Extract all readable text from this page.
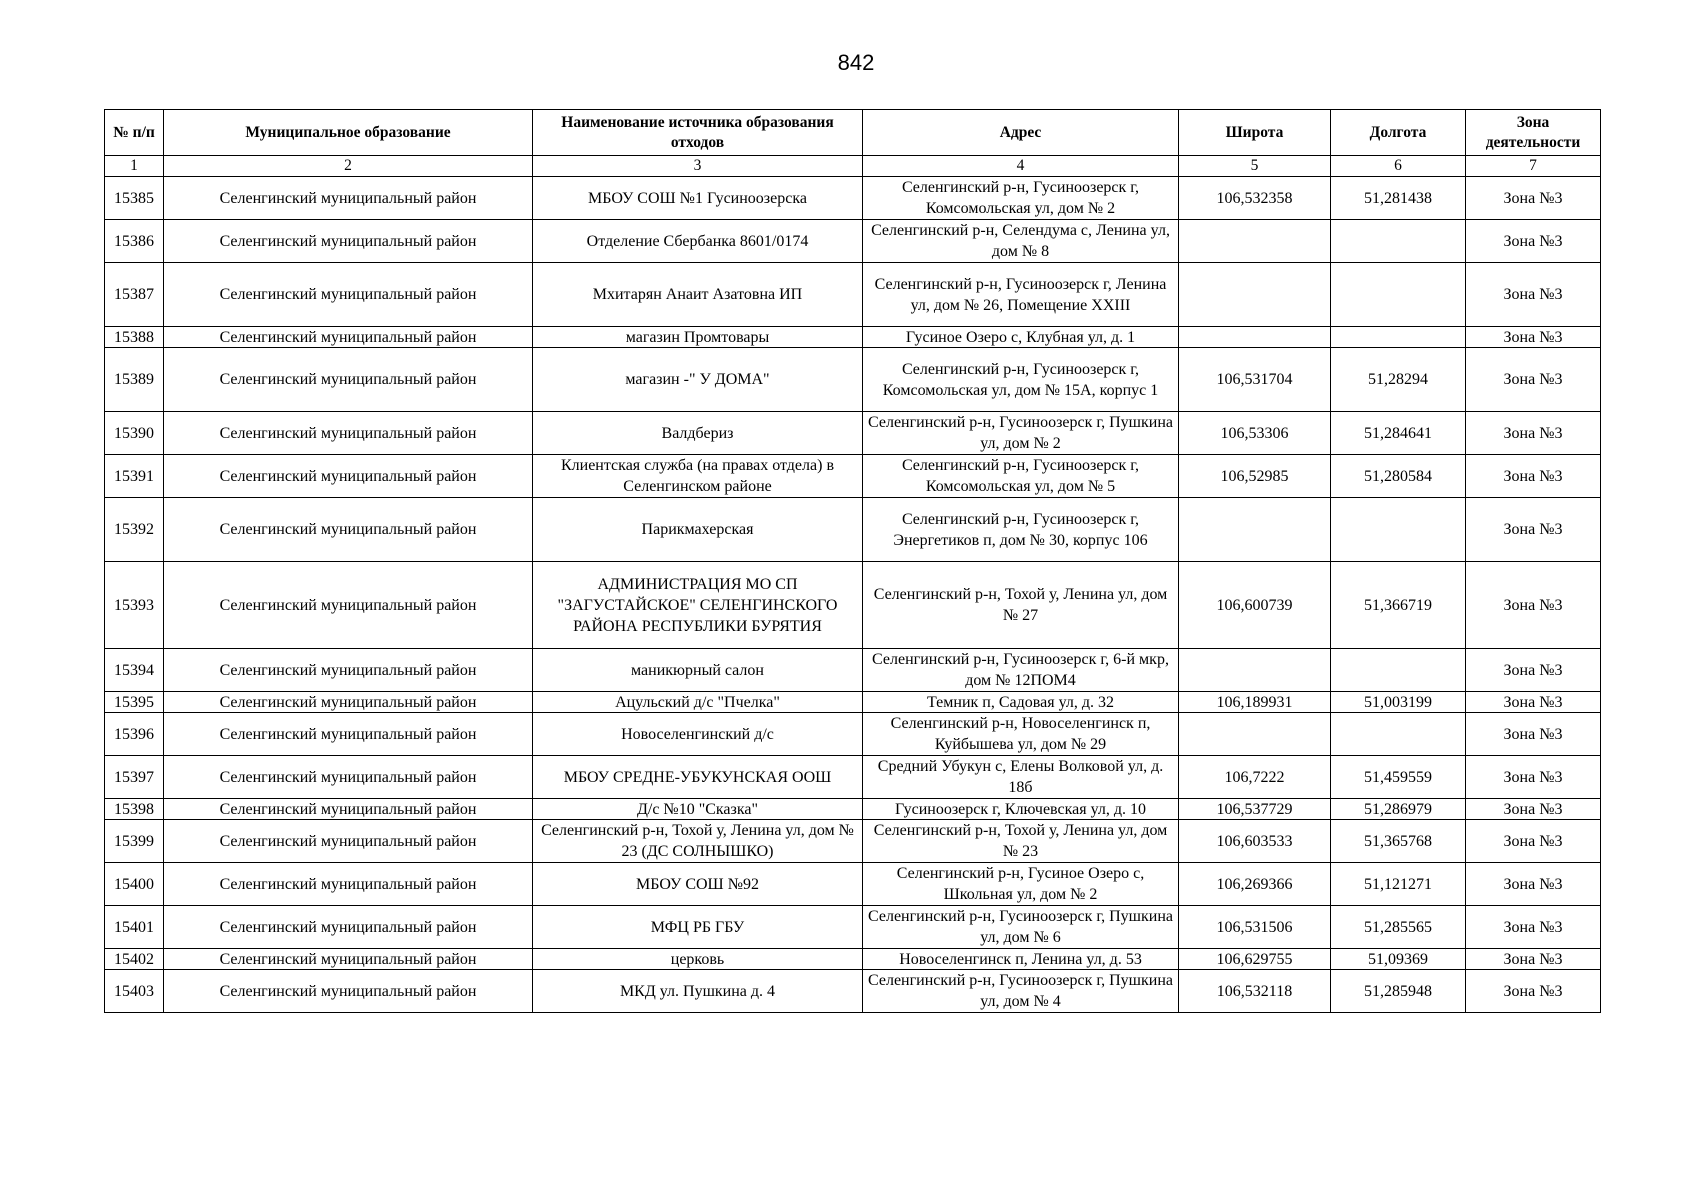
842
№ п/п	Муниципальное образование	Наименование источника образования отходов	Адрес	Широта	Долгота	Зона деятельности
1	2	3	4	5	6	7
15385	Селенгинский муниципальный район	МБОУ СОШ №1 Гусиноозерска	Селенгинский р-н, Гусиноозерск г, Комсомольская ул, дом № 2	106,532358	51,281438	Зона №3
15386	Селенгинский муниципальный район	Отделение Сбербанка 8601/0174	Селенгинский р-н, Селендума с, Ленина ул, дом № 8			Зона №3
15387	Селенгинский муниципальный район	Мхитарян Анаит Азатовна ИП	Селенгинский р-н, Гусиноозерск г, Ленина ул, дом № 26, Помещение XXIII			Зона №3
15388	Селенгинский муниципальный район	магазин Промтовары	Гусиное Озеро с, Клубная ул, д. 1			Зона №3
15389	Селенгинский муниципальный район	магазин -" У ДОМА"	Селенгинский р-н, Гусиноозерск г, Комсомольская ул, дом № 15А, корпус 1	106,531704	51,28294	Зона №3
15390	Селенгинский муниципальный район	Валдбериз	Селенгинский р-н, Гусиноозерск г, Пушкина ул, дом № 2	106,53306	51,284641	Зона №3
15391	Селенгинский муниципальный район	Клиентская служба (на правах отдела) в Селенгинском районе	Селенгинский р-н, Гусиноозерск г, Комсомольская ул, дом № 5	106,52985	51,280584	Зона №3
15392	Селенгинский муниципальный район	Парикмахерская	Селенгинский р-н, Гусиноозерск г, Энергетиков п, дом № 30, корпус 106			Зона №3
15393	Селенгинский муниципальный район	АДМИНИСТРАЦИЯ МО СП "ЗАГУСТАЙСКОЕ" СЕЛЕНГИНСКОГО РАЙОНА РЕСПУБЛИКИ БУРЯТИЯ	Селенгинский р-н, Тохой у, Ленина ул, дом № 27	106,600739	51,366719	Зона №3
15394	Селенгинский муниципальный район	маникюрный салон	Селенгинский р-н, Гусиноозерск г, 6-й мкр, дом № 12ПОМ4			Зона №3
15395	Селенгинский муниципальный район	Ацульский д/с "Пчелка"	Темник п, Садовая ул, д. 32	106,189931	51,003199	Зона №3
15396	Селенгинский муниципальный район	Новоселенгинский д/с	Селенгинский р-н, Новоселенгинск п, Куйбышева ул, дом № 29			Зона №3
15397	Селенгинский муниципальный район	МБОУ СРЕДНЕ-УБУКУНСКАЯ ООШ	Средний Убукун с, Елены Волковой ул, д. 18б	106,7222	51,459559	Зона №3
15398	Селенгинский муниципальный район	Д/с №10 "Сказка"	Гусиноозерск г, Ключевская ул, д. 10	106,537729	51,286979	Зона №3
15399	Селенгинский муниципальный район	Селенгинский р-н, Тохой у, Ленина ул, дом № 23 (ДС СОЛНЫШКО)	Селенгинский р-н, Тохой у, Ленина ул, дом № 23	106,603533	51,365768	Зона №3
15400	Селенгинский муниципальный район	МБОУ СОШ №92	Селенгинский р-н, Гусиное Озеро с, Школьная ул, дом № 2	106,269366	51,121271	Зона №3
15401	Селенгинский муниципальный район	МФЦ РБ ГБУ	Селенгинский р-н, Гусиноозерск г, Пушкина ул, дом № 6	106,531506	51,285565	Зона №3
15402	Селенгинский муниципальный район	церковь	Новоселенгинск п, Ленина ул, д. 53	106,629755	51,09369	Зона №3
15403	Селенгинский муниципальный район	МКД ул. Пушкина д. 4	Селенгинский р-н, Гусиноозерск г, Пушкина ул, дом № 4	106,532118	51,285948	Зона №3
